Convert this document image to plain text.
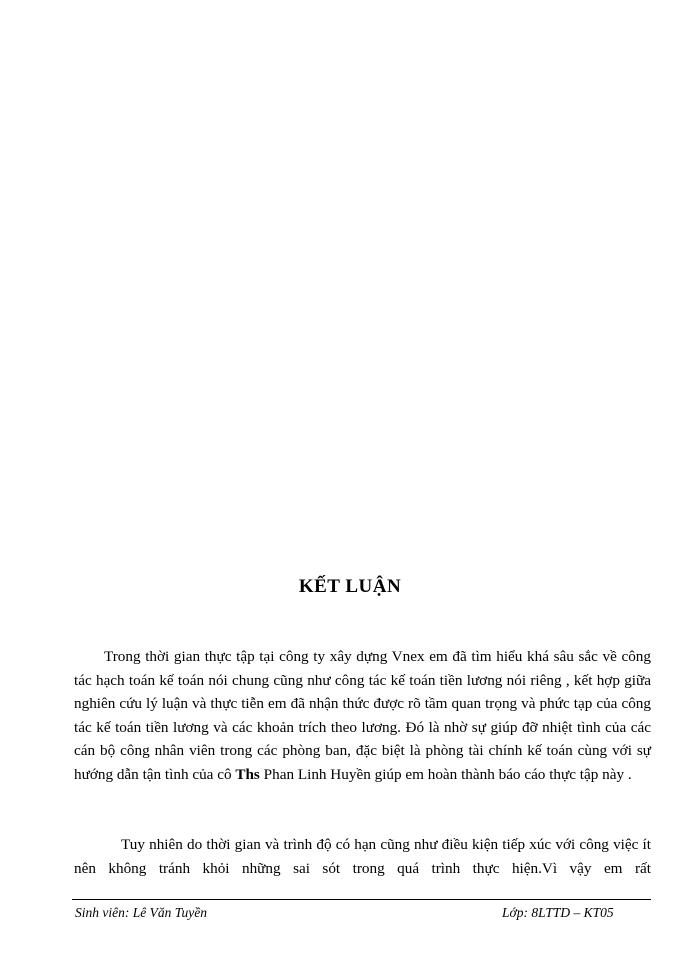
KẾT LUẬN

Trong thời gian thực tập tại công ty xây dựng Vnex em đã tìm hiểu khá sâu sắc về công tác hạch toán kế toán nói chung cũng như công tác kế toán tiền lương nói riêng , kết hợp giữa nghiên cứu lý luận và thực tiễn em đã nhận thức được rõ tầm quan trọng và phức tạp của công tác kế toán tiền lương và các khoản trích theo lương. Đó là nhờ sự giúp đỡ nhiệt tình của các cán bộ công nhân viên trong các phòng ban, đặc biệt là phòng tài chính kế toán cùng với sự hướng dẫn tận tình của cô Ths Phan Linh Huyền giúp em hoàn thành báo cáo thực tập này .

Tuy nhiên do thời gian và trình độ có hạn cũng như điều kiện tiếp xúc với công việc ít nên không tránh khỏi những sai sót trong quá trình thực hiện.Vì vậy em rất

Sinh viên: Lê Văn Tuyền	Lớp: 8LTTD – KT05
